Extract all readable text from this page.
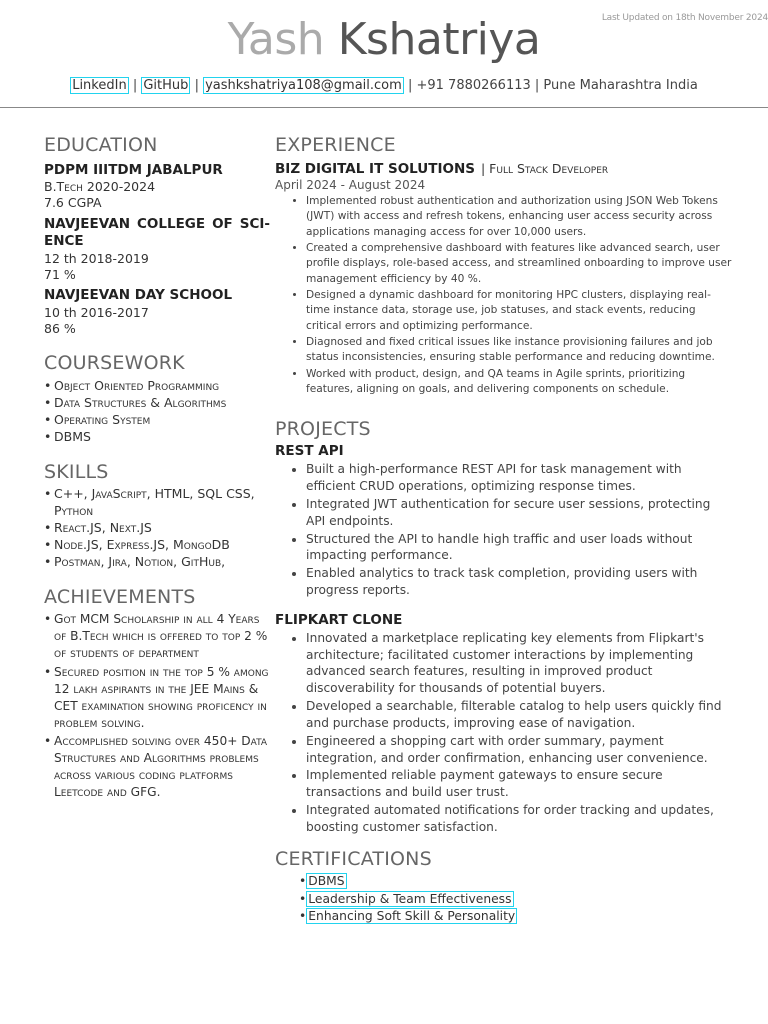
Last Updated on 18th November 2024
Yash Kshatriya
LinkedIn | GitHub | yashkshatriya108@gmail.com | +91 7880266113 | Pune Maharashtra India
EDUCATION
PDPM IIITDM JABALPUR
B.Tech 2020-2024
7.6 CGPA
NAVJEEVAN COLLEGE OF SCI-ENCE
12 th 2018-2019
71 %
NAVJEEVAN DAY SCHOOL
10 th 2016-2017
86 %
COURSEWORK
• Object Oriented Programming
• Data Structures & Algorithms
• Operating System
• DBMS
SKILLS
• C++, JavaScript, HTML, SQL CSS, Python
• React.JS, Next.JS
• Node.JS, Express.JS, MongoDB
• Postman, Jira, Notion, GitHub,
ACHIEVEMENTS
• Got MCM Scholarship in all 4 Years of B.Tech which is offered to top 2 % of students of department
• Secured position in the top 5 % among 12 lakh aspirants in the JEE Mains & CET examination showing proficency in problem solving.
• Accomplished solving over 450+ Data Structures and Algorithms problems across various coding platforms Leetcode and GFG.
EXPERIENCE
BIZ DIGITAL IT SOLUTIONS | Full Stack Developer
April 2024 - August 2024
• Implemented robust authentication and authorization using JSON Web Tokens (JWT) with access and refresh tokens, enhancing user access security across applications managing access for over 10,000 users.
• Created a comprehensive dashboard with features like advanced search, user profile displays, role-based access, and streamlined onboarding to improve user management efficiency by 40 %.
• Designed a dynamic dashboard for monitoring HPC clusters, displaying real-time instance data, storage use, job statuses, and stack events, reducing critical errors and optimizing performance.
• Diagnosed and fixed critical issues like instance provisioning failures and job status inconsistencies, ensuring stable performance and reducing downtime.
• Worked with product, design, and QA teams in Agile sprints, prioritizing features, aligning on goals, and delivering components on schedule.
PROJECTS
REST API
• Built a high-performance REST API for task management with efficient CRUD operations, optimizing response times.
• Integrated JWT authentication for secure user sessions, protecting API endpoints.
• Structured the API to handle high traffic and user loads without impacting performance.
• Enabled analytics to track task completion, providing users with progress reports.
FLIPKART CLONE
• Innovated a marketplace replicating key elements from Flipkart's architecture; facilitated customer interactions by implementing advanced search features, resulting in improved product discoverability for thousands of potential buyers.
• Developed a searchable, filterable catalog to help users quickly find and purchase products, improving ease of navigation.
• Engineered a shopping cart with order summary, payment integration, and order confirmation, enhancing user convenience.
• Implemented reliable payment gateways to ensure secure transactions and build user trust.
• Integrated automated notifications for order tracking and updates, boosting customer satisfaction.
CERTIFICATIONS
• DBMS
• Leadership & Team Effectiveness
• Enhancing Soft Skill & Personality
